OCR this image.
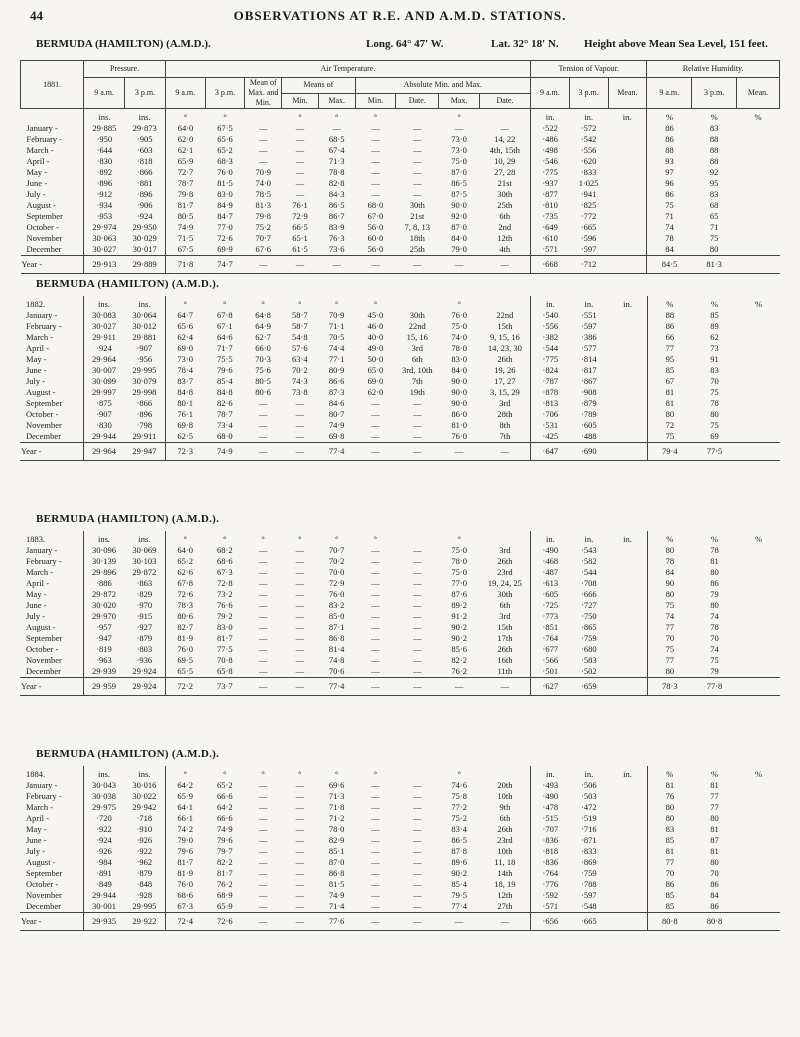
44	OBSERVATIONS AT R.E. AND A.M.D. STATIONS.
BERMUDA (HAMILTON) (A.M.D.).	Long. 64° 47′ W.	Lat. 32° 18′ N. Height above Mean Sea Level, 151 feet.
1881.	Pressure.		Air Temperature.									Tension of Vapour.			Relative Humidity.		
	9 a.m.	3 p.m.	9 a.m.	3 p.m.	Mean of Max. and Min.	Means of		Absolute Min. and Max.				9 a.m.	3 p.m.	Mean.	9 a.m.	3 p.m.	Mean.
						Min.	Max.	Min.	Date.	Max.	Date.						
	ins.	ins.	°	°		°	°	°		°		in.	in.	in.	%	%	%
January -	29·885	29·873	64·0	67·5	—	—	—	—	—	—	—	·522	·572		86	83	
February -	·950	·905	62·0	65·6	—	—	68·5	—	—	73·0	14, 22	·486	·542		86	88	
March -	·644	·603	62·1	65·2	—	—	67·4	—	—	73·0	4th, 15th	·498	·556		88	88	
April -	·830	·818	65·9	68·3	—	—	71·3	—	—	75·0	10, 29	·546	·620		93	88	
May -	·892	·866	72·7	76·0	70·9	—	78·8	—	—	87·0	27, 28	·775	·833		97	92	
June -	·896	·881	78·7	81·5	74·0	—	82·8	—	—	86·5	21st	·937	1·025		96	95	
July -	·912	·896	79·8	83·0	78·5	—	84·3	—	—	87·5	30th	·877	·941		86	83	
August -	·934	·906	81·7	84·9	81·3	76·1	86·5	68·0	30th	90·0	25th	·810	·825		75	68	
September	·953	·924	80·5	84·7	79·8	72·9	86·7	67·0	21st	92·0	6th	·735	·772		71	65	
October -	29·974	29·950	74·9	77·0	75·2	66·5	83·9	56·0	7, 8, 13	87·0	2nd	·649	·665		74	71	
November	30·063	30·029	71·5	72·6	70·7	65·1	76·3	60·0	18th	84·0	12th	·610	·596		78	75	
December	30·027	30·017	67·5	69·9	67·6	61·5	73·6	56·0	25th	79·0	4th	·571	·597		84	80	
Year -	29·913	29·889	71·8	74·7	—	—	—	—	—	—	—	·668	·712		84·5	81·3	
BERMUDA (HAMILTON) (A.M.D.).
1882.	ins.	ins.	°	°	°	°	°	°		°		in.	in.	in.	%	%	%
January -	30·083	30·064	64·7	67·8	64·8	58·7	70·9	45·0	30th	76·0	22nd	·540	·551		88	85	
February -	30·027	30·012	65·6	67·1	64·9	58·7	71·1	46·0	22nd	75·0	15th	·556	·597		86	89	
March -	29·911	29·881	62·4	64·6	62·7	54·8	70·5	40·0	15, 16	74·0	9, 15, 16	·382	·386		66	62	
April -	·924	·907	69·0	71·7	66·0	57·6	74·4	49·0	3rd	78·0	14, 23, 30	·544	·577		77	73	
May -	29·964	·956	73·0	75·5	70·3	63·4	77·1	50·0	6th	83·0	26th	·775	·814		95	91	
June -	30·007	29·995	78·4	79·6	75·6	70·2	80·9	65·0	3rd, 10th	84·0	19, 26	·824	·817		85	83	
July -	30·099	30·079	83·7	85·4	80·5	74·3	86·6	69·0	7th	90·0	17, 27	·787	·867		67	70	
August -	29·997	29·998	84·8	84·8	80·6	73·8	87·3	62·0	19th	90·0	3, 15, 29	·878	·908		81	75	
September	·875	·866	80·1	82·6	—	—	84·6	—	—	90·0	3rd	·813	·879		81	78	
October -	·907	·896	76·1	78·7	—	—	80·7	—	—	86·0	28th	·706	·789		80	80	
November	·830	·798	69·8	73·4	—	—	74·9	—	—	81·0	8th	·531	·605		72	75	
December	29·944	29·911	62·5	68·0	—	—	69·8	—	—	76·0	7th	·425	·488		75	69	
Year -	29·964	29·947	72·3	74·9	—	—	77·4	—	—	—	—	·647	·690		79·4	77·5	
BERMUDA (HAMILTON) (A.M.D.).
1883.	ins.	ins.	°	°	°	°	°	°		°		in.	in.	in.	%	%	%
January -	30·096	30·069	64·0	68·2	—	—	70·7	—	—	75·0	3rd	·490	·543		80	78	
February -	30·139	30·103	65·2	68·6	—	—	70·2	—	—	78·0	26th	·468	·582		78	81	
March -	29·896	29·872	62·6	67·3	—	—	70·0	—	—	75·0	23rd	·487	·544		84	80	
April -	·886	·863	67·8	72·8	—	—	72·9	—	—	77·0	19, 24, 25	·613	·708		90	86	
May -	29·872	·829	72·6	73·2	—	—	76·0	—	—	87·6	30th	·605	·666		80	79	
June -	30·020	·970	78·3	76·6	—	—	83·2	—	—	89·2	6th	·725	·727		75	80	
July -	29·970	·915	80·6	79·2	—	—	85·0	—	—	91·2	3rd	·773	·750		74	74	
August -	·957	·927	82·7	83·0	—	—	87·1	—	—	90·2	15th	·851	·865		77	78	
September	·947	·879	81·9	81·7	—	—	86·8	—	—	90·2	17th	·764	·759		70	70	
October -	·819	·803	76·0	77·5	—	—	81·4	—	—	85·6	26th	·677	·680		75	74	
November	·963	·936	69·5	70·8	—	—	74·8	—	—	82·2	16th	·566	·583		77	75	
December	29·939	29·924	65·5	65·8	—	—	70·6	—	—	76·2	11th	·501	·502		80	79	
Year -	29·959	29·924	72·2	73·7	—	—	77·4	—	—	—	—	·627	·659		78·3	77·8	
BERMUDA (HAMILTON) (A.M.D.).
1884.	ins.	ins.	°	°	°	°	°	°		°		in.	in.	in.	%	%	%
January -	30·043	30·016	64·2	65·2	—	—	69·6	—	—	74·6	20th	·493	·506		81	81	
February -	30·038	30·022	65·9	66·6	—	—	71·3	—	—	75·8	10th	·490	·503		76	77	
March -	29·975	29·942	64·1	64·2	—	—	71·8	—	—	77·2	9th	·478	·472		80	77	
April -	·720	·718	66·1	66·6	—	—	71·2	—	—	75·2	6th	·515	·519		80	80	
May -	·922	·910	74·2	74·9	—	—	78·0	—	—	83·4	26th	·707	·716		83	81	
June -	·924	·926	79·0	79·6	—	—	82·9	—	—	86·5	23rd	·836	·871		85	87	
July -	·926	·922	79·6	79·7	—	—	85·1	—	—	87·8	10th	·818	·833		81	81	
August -	·984	·962	81·7	82·2	—	—	87·0	—	—	89·6	11, 18	·836	·869		77	80	
September	·891	·879	81·9	81·7	—	—	86·8	—	—	90·2	14th	·764	·759		70	70	
October -	·849	·848	76·0	76·2	—	—	81·5	—	—	85·4	18, 19	·776	·788		86	86	
November	29·944	·928	68·6	68·9	—	—	74·9	—	—	79·5	12th	·592	·597		85	84	
December	30·001	29·995	67·3	65·9	—	—	71·4	—	—	77·4	27th	·571	·548		85	86	
Year -	29·935	29·922	72·4	72·6	—	—	77·6	—	—	—	—	·656	·665		80·8	80·8	
